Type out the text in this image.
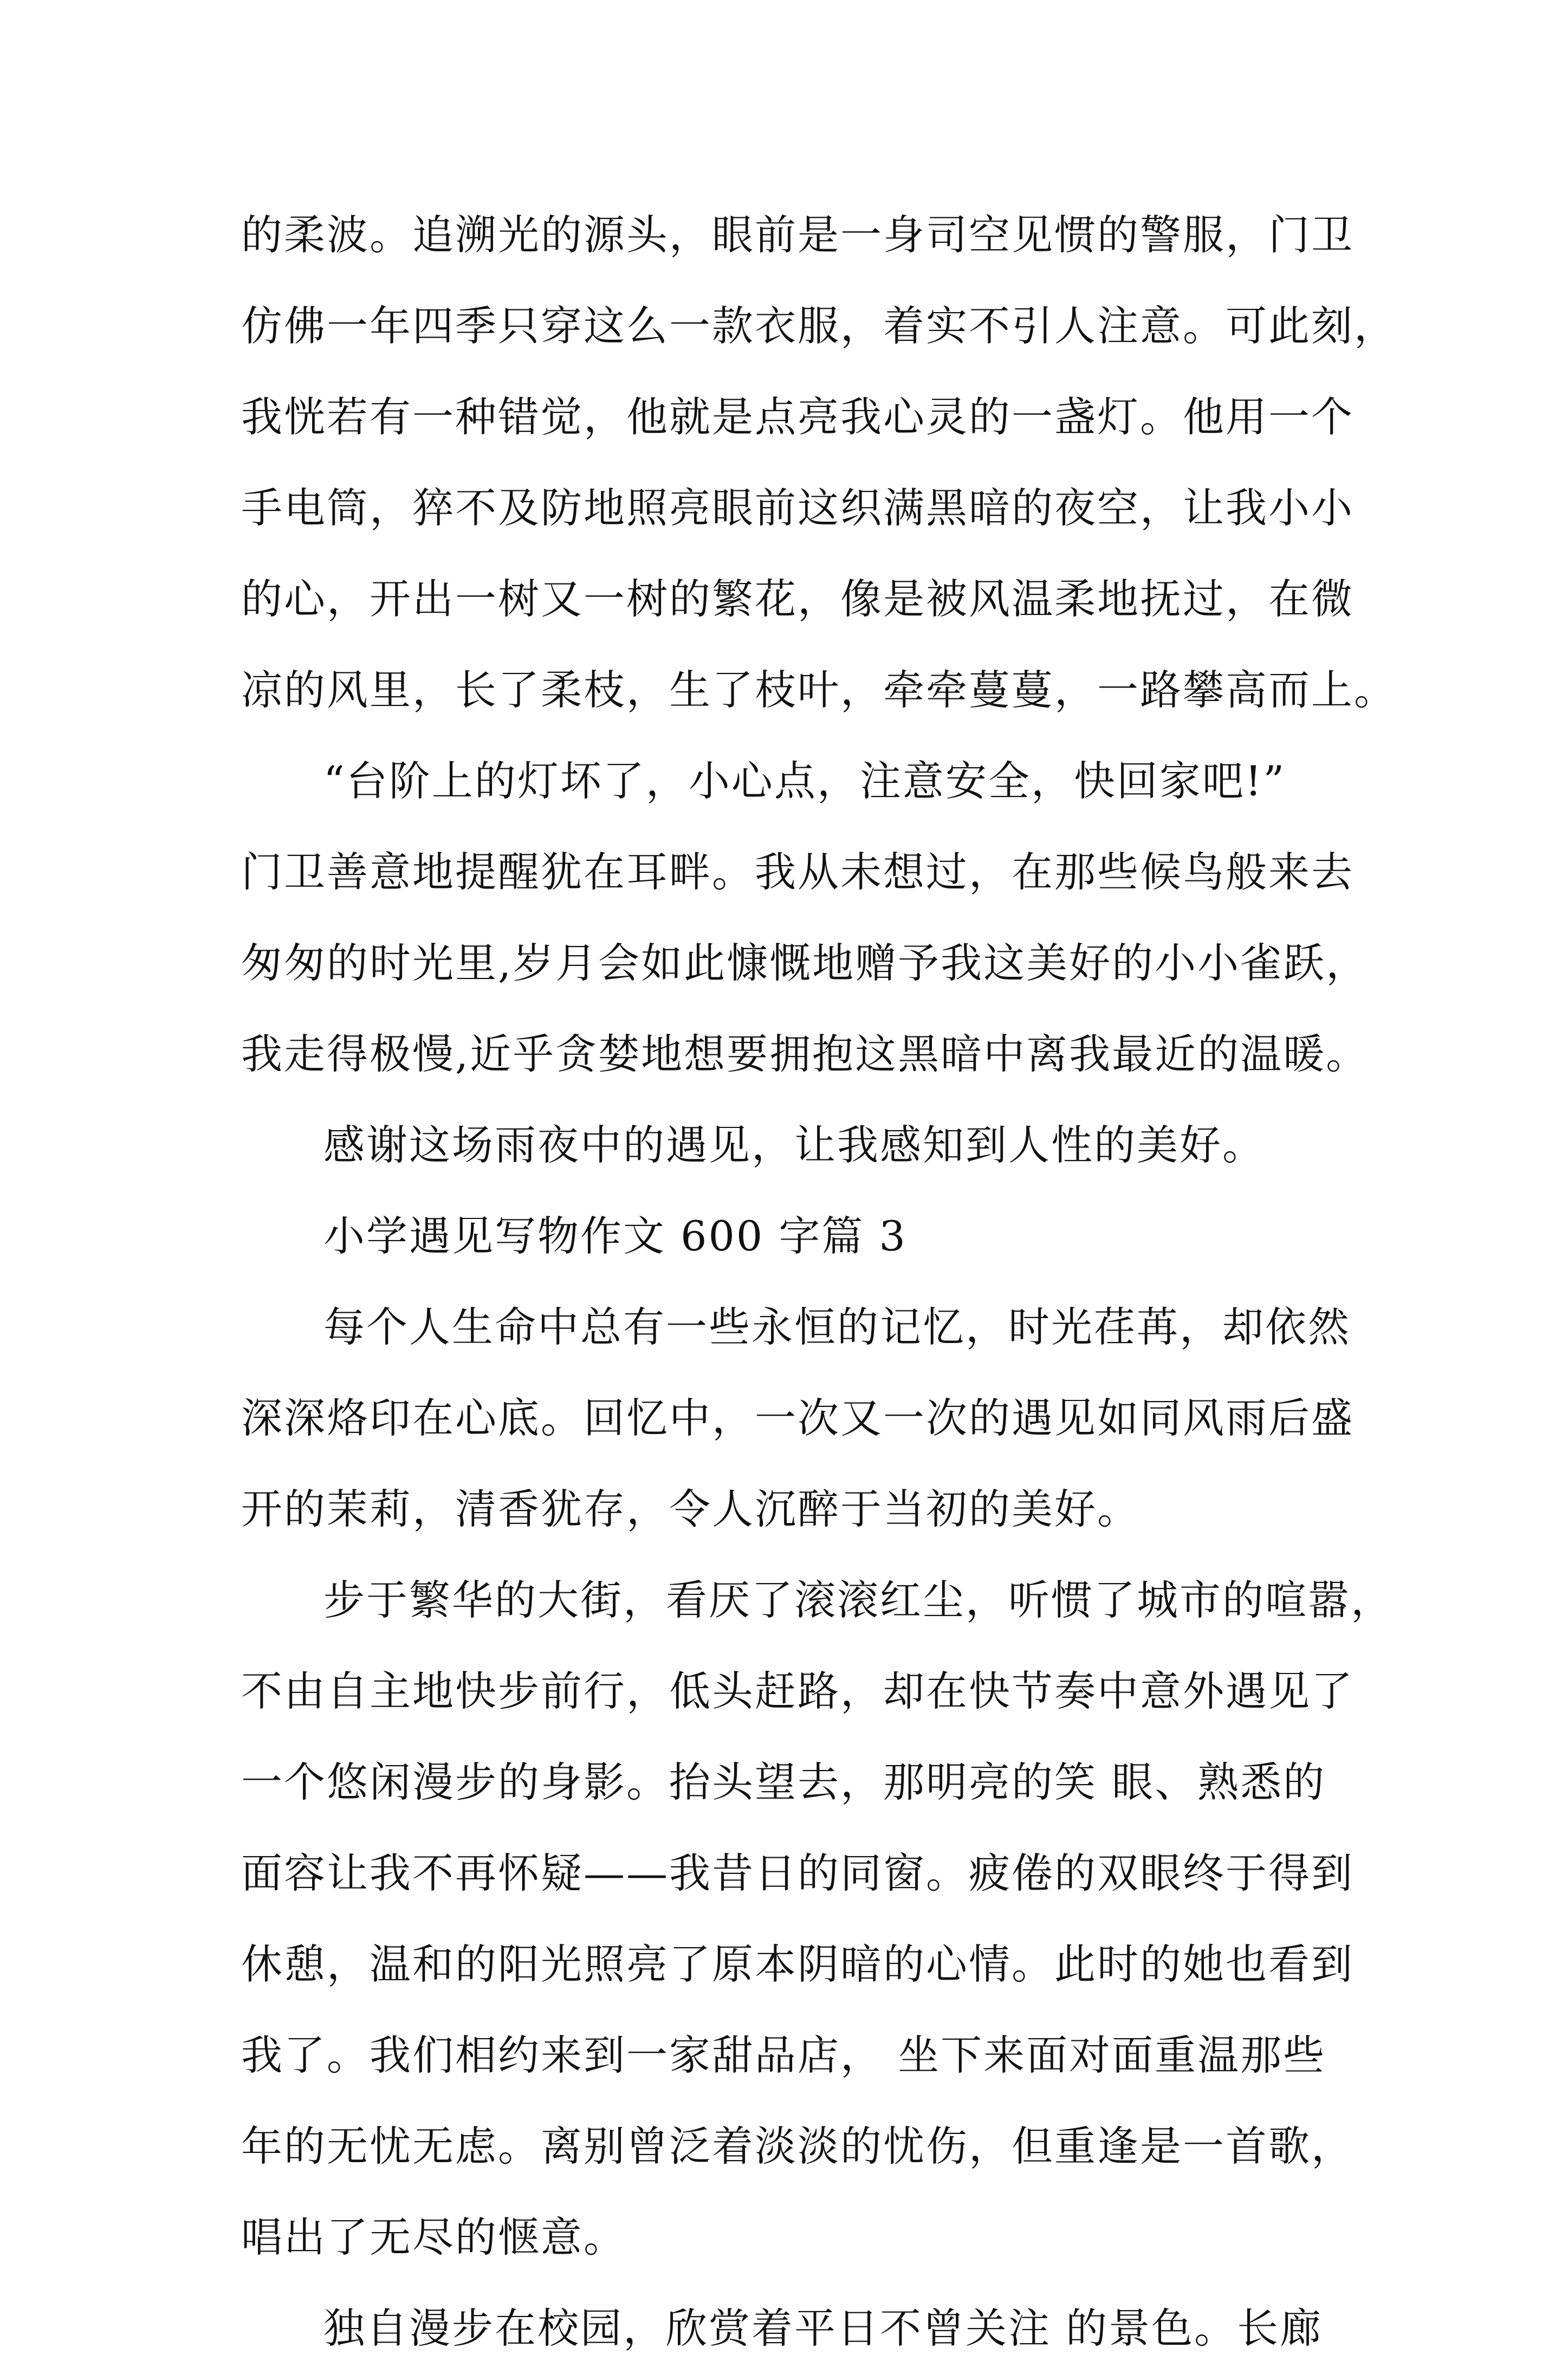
的柔波。追溯光的源头，眼前是一身司空见惯的警服，门卫
仿佛一年四季只穿这么一款衣服，着实不引人注意。可此刻，
我恍若有一种错觉，他就是点亮我心灵的一盏灯。他用一个
手电筒，猝不及防地照亮眼前这织满黑暗的夜空，让我小小
的心，开出一树又一树的繁花，像是被风温柔地抚过，在微
凉的风里，长了柔枝，生了枝叶，牵牵蔓蔓，一路攀高而上。
“台阶上的灯坏了，小心点，注意安全，快回家吧!”
门卫善意地提醒犹在耳畔。我从未想过，在那些候鸟般来去
匆匆的时光里,岁月会如此慷慨地赠予我这美好的小小雀跃，
我走得极慢,近乎贪婪地想要拥抱这黑暗中离我最近的温暖。
感谢这场雨夜中的遇见，让我感知到人性的美好。
小学遇见写物作文 600 字篇 3
每个人生命中总有一些永恒的记忆，时光荏苒，却依然
深深烙印在心底。回忆中，一次又一次的遇见如同风雨后盛
开的茉莉，清香犹存，令人沉醉于当初的美好。
步于繁华的大街，看厌了滚滚红尘，听惯了城市的喧嚣，
不由自主地快步前行，低头赶路，却在快节奏中意外遇见了
一个悠闲漫步的身影。抬头望去，那明亮的笑 眼、熟悉的
面容让我不再怀疑——我昔日的同窗。疲倦的双眼终于得到
休憩，温和的阳光照亮了原本阴暗的心情。此时的她也看到
我了。我们相约来到一家甜品店， 坐下来面对面重温那些
年的无忧无虑。离别曾泛着淡淡的忧伤，但重逢是一首歌，
唱出了无尽的惬意。
独自漫步在校园，欣赏着平日不曾关注 的景色。长廊
